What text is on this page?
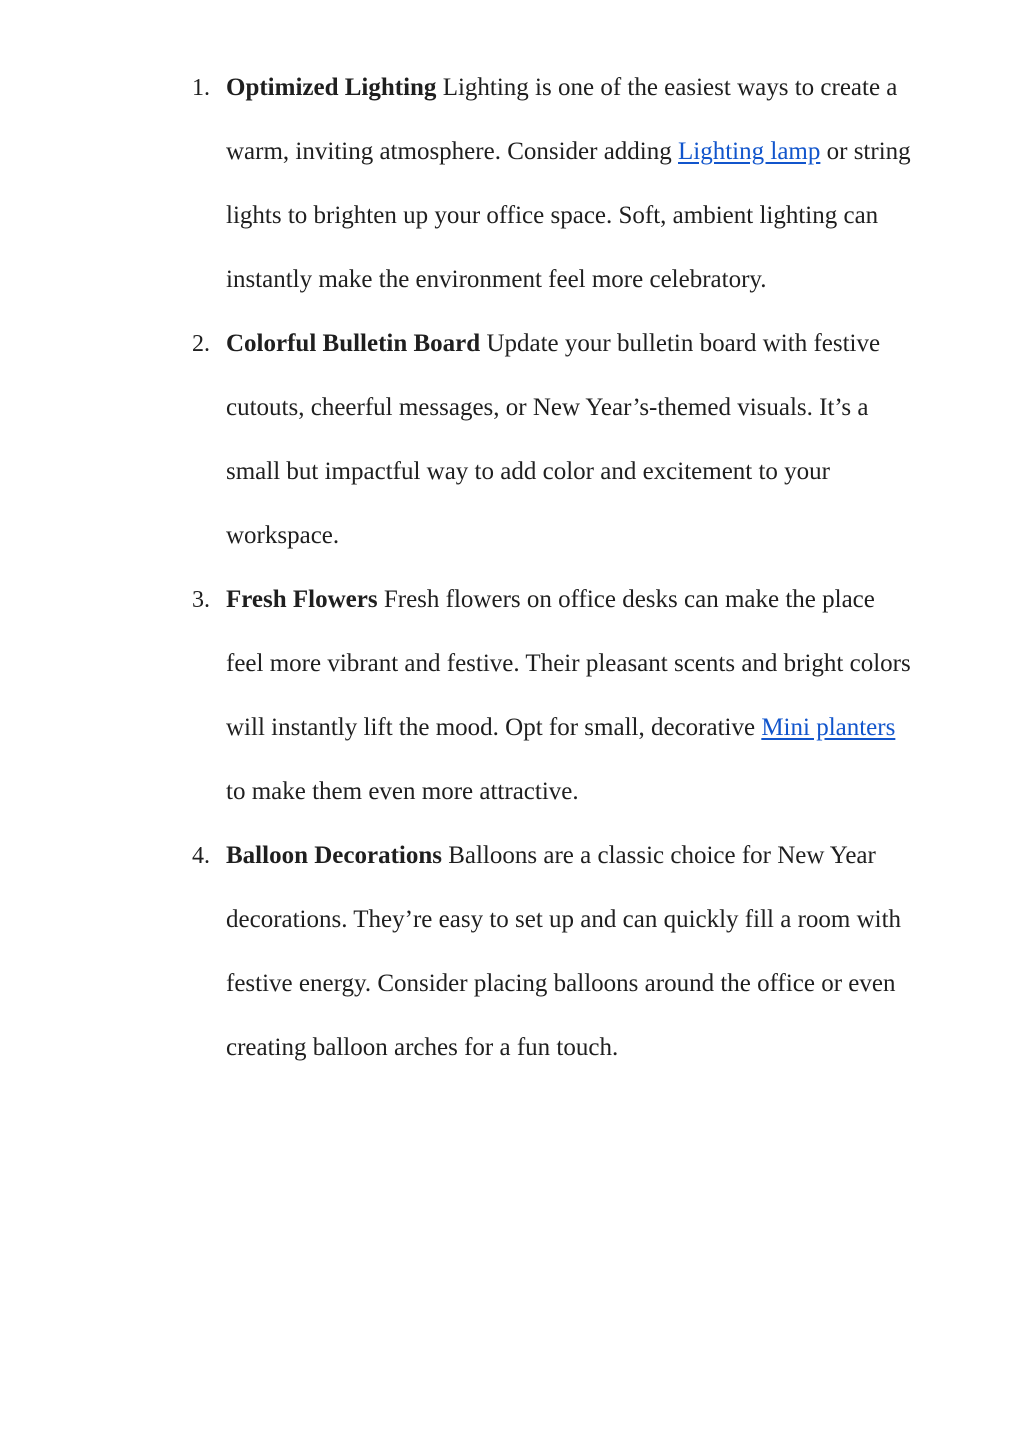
1. Optimized Lighting Lighting is one of the easiest ways to create a warm, inviting atmosphere. Consider adding Lighting lamp or string lights to brighten up your office space. Soft, ambient lighting can instantly make the environment feel more celebratory.
2. Colorful Bulletin Board Update your bulletin board with festive cutouts, cheerful messages, or New Year’s-themed visuals. It’s a small but impactful way to add color and excitement to your workspace.
3. Fresh Flowers Fresh flowers on office desks can make the place feel more vibrant and festive. Their pleasant scents and bright colors will instantly lift the mood. Opt for small, decorative Mini planters to make them even more attractive.
4. Balloon Decorations Balloons are a classic choice for New Year decorations. They’re easy to set up and can quickly fill a room with festive energy. Consider placing balloons around the office or even creating balloon arches for a fun touch.
